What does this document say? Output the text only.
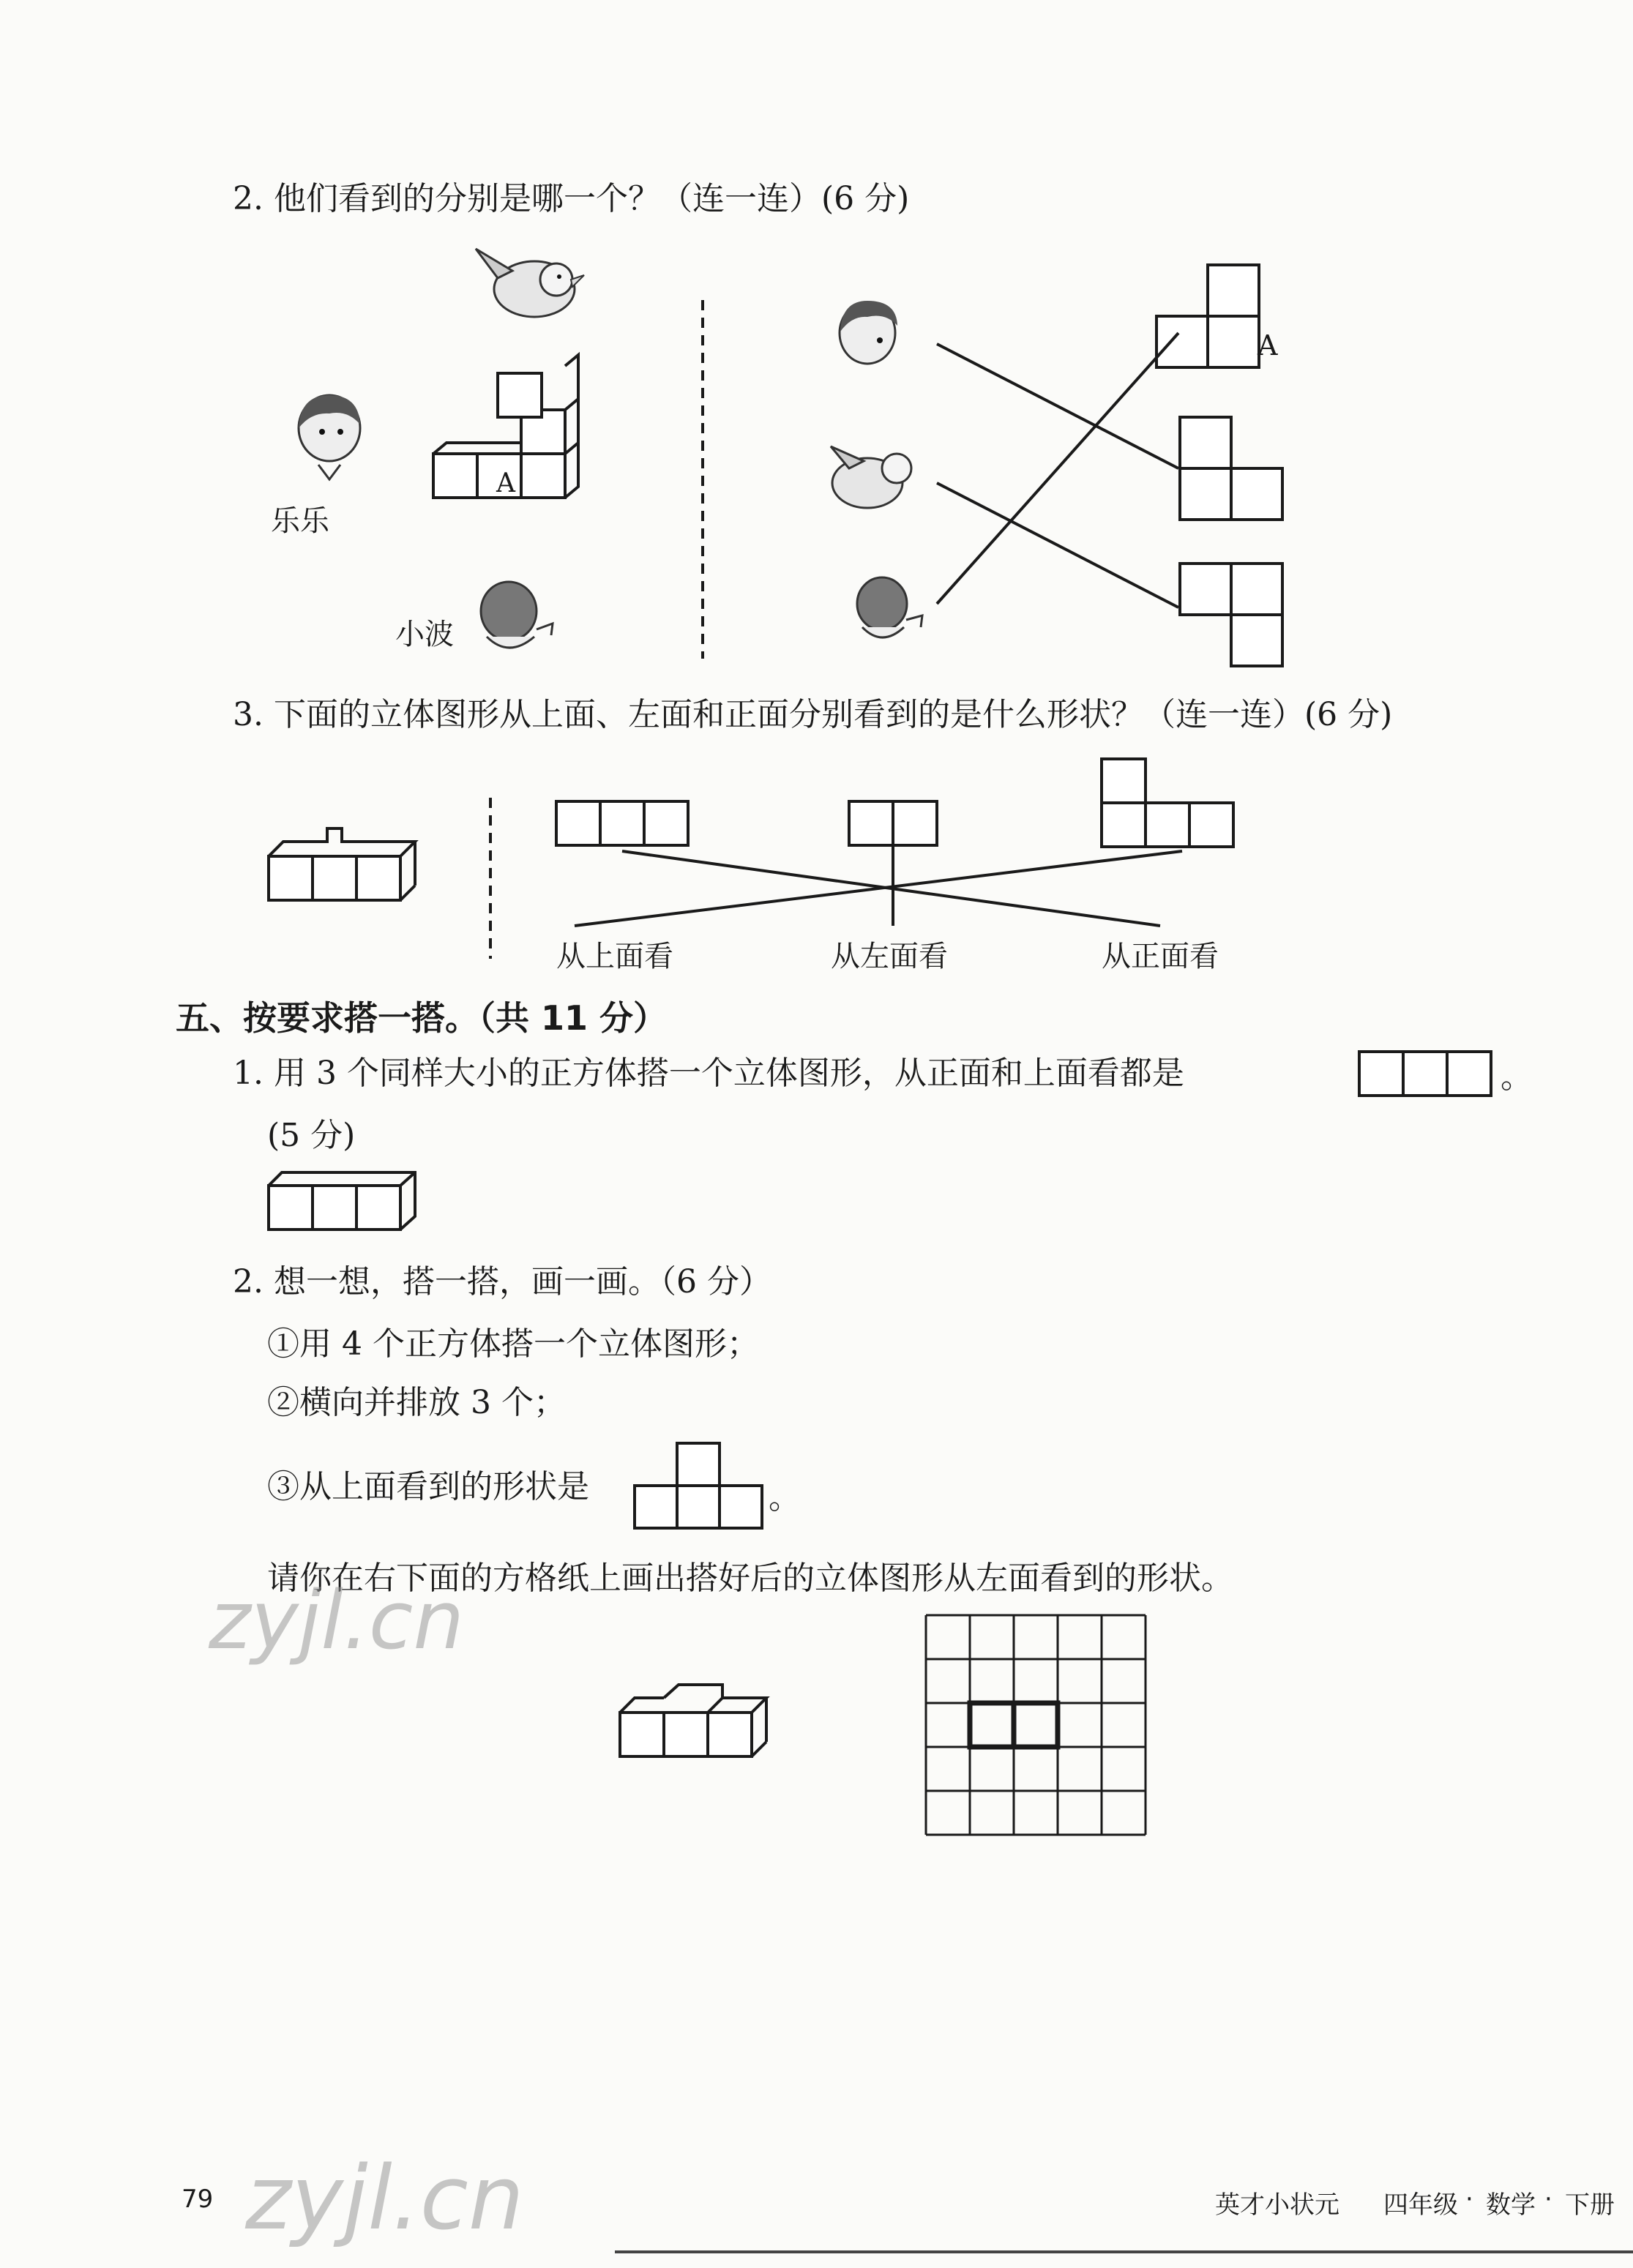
2. 他们看到的分别是哪一个？（连一连）(6 分)
乐乐
小波
A
A
3. 下面的立体图形从上面、左面和正面分别看到的是什么形状？（连一连）(6 分)
从上面看	从左面看	从正面看
五、按要求搭一搭。（共 11 分）
1. 用 3 个同样大小的正方体搭一个立体图形，从正面和上面看都是	。
(5 分)
2. 想一想，搭一搭，画一画。（6 分）
①用 4 个正方体搭一个立体图形；
②横向并排放 3 个；
③从上面看到的形状是	。
请你在右下面的方格纸上画出搭好后的立体图形从左面看到的形状。
zyjl.cn
79 zyjl.cn	英才小状元 四年级 · 数学 · 下册
